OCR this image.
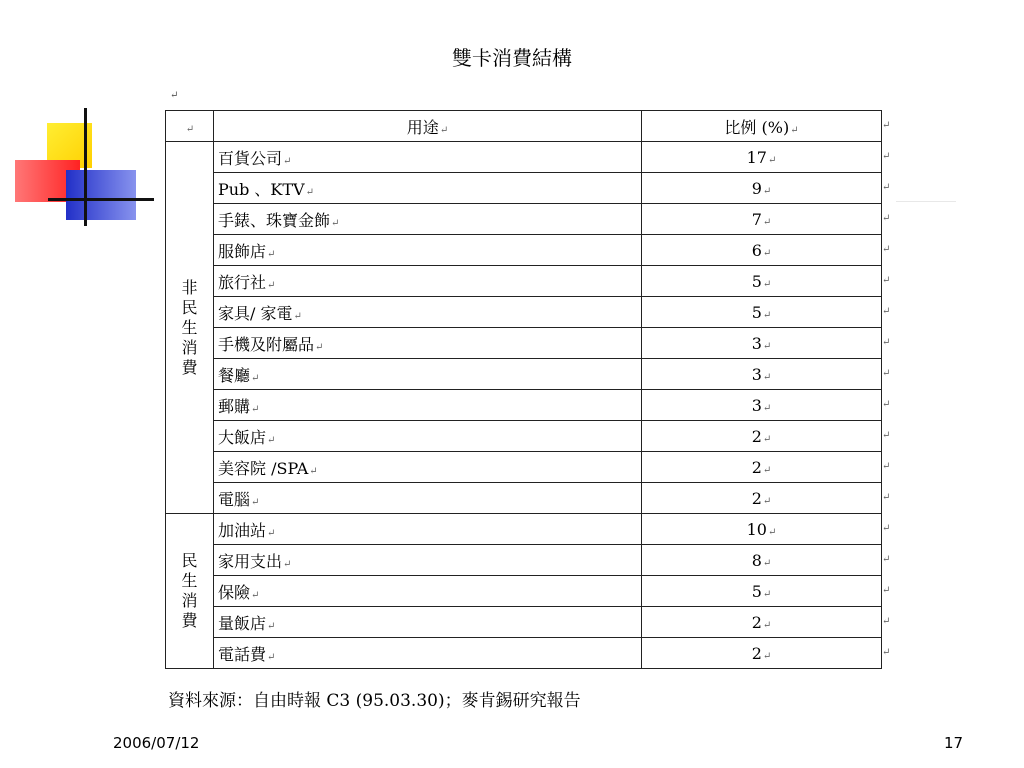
雙卡消費結構
↵
↵	用途↵	比例 (%)↵

非
民
生
消
費	百貨公司↵	17↵
	Pub 、KTV↵	9↵
	手錶、珠寶金飾↵	7↵
	服飾店↵	6↵
	旅行社↵	5↵
	家具/ 家電↵	5↵
	手機及附屬品↵	3↵
	餐廳↵	3↵
	郵購↵	3↵
	大飯店↵	2↵
	美容院 /SPA↵	2↵
	電腦↵	2↵

民
生
消
費	加油站↵	10↵
	家用支出↵	8↵
	保險↵	5↵
	量飯店↵	2↵
	電話費↵	2↵
↵
↵
↵
↵
↵
↵
↵
↵
↵
↵
↵
↵
↵
↵
↵
↵
↵
↵
資料來源：自由時報 C3 (95.03.30)；麥肯錫研究報告
2006/07/12	17
